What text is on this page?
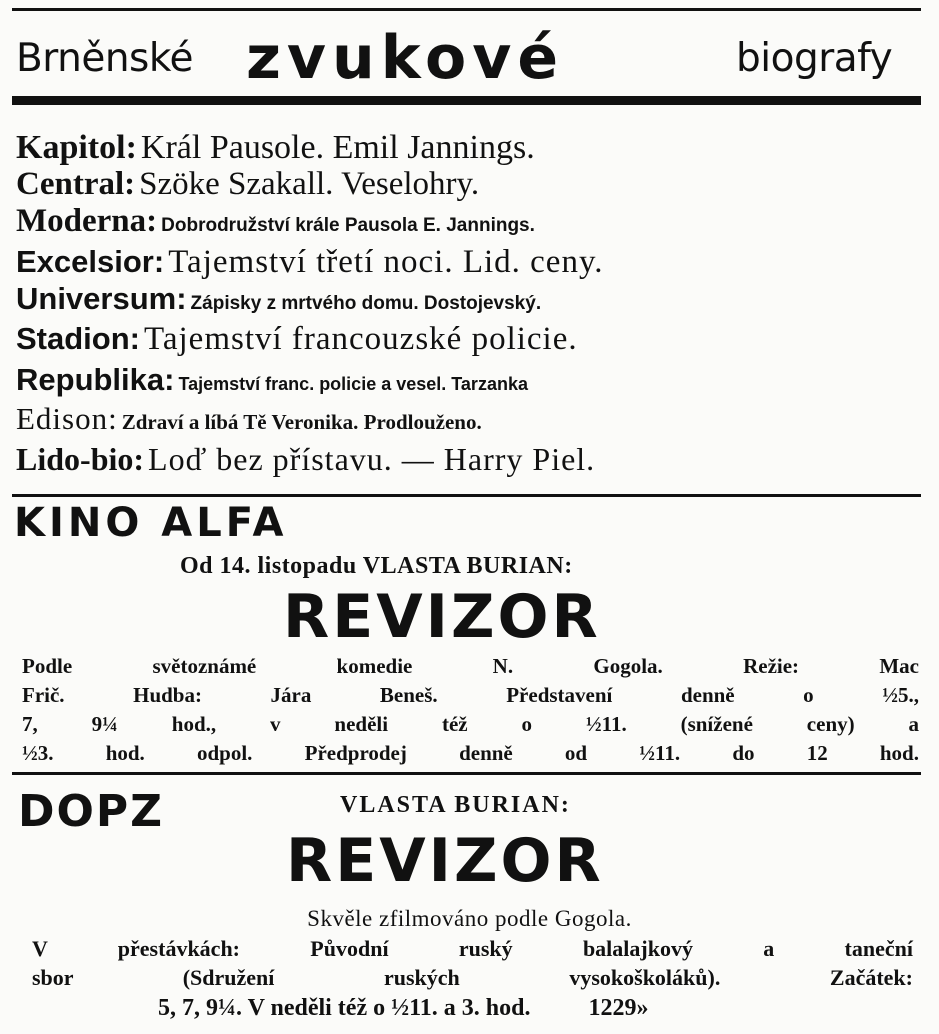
Brněnské zvukové	biografy
Kapitol: Král Pausole. Emil Jannings.
Central: Szöke Szakall. Veselohry.
Moderna: Dobrodružství krále Pausola E. Jannings.
Excelsior: Tajemství třetí noci. Lid. ceny.
Universum: Zápisky z mrtvého domu. Dostojevský.
Stadion: Tajemství francouzské policie.
Republika: Tajemství franc. policie a vesel. Tarzanka
Edison: Zdraví a líbá Tě Veronika. Prodlouženo.
Lido-bio: Loď bez přístavu. — Harry Piel.
KINO ALFA
Od 14. listopadu VLASTA BURIAN:
REVIZOR
Podle světoznámé komedie N. Gogola. Režie: Mac
Frič. Hudba: Jára Beneš. Představení denně o ½5.,
7, 9¼ hod., v neděli též o ½11. (snížené ceny) a
½3. hod. odpol. Předprodej denně od ½11. do 12 hod.
DOPZ	VLASTA BURIAN:
REVIZOR
Skvěle zfilmováno podle Gogola.
V přestávkách: Původní ruský balalajkový a taneční
sbor (Sdružení ruských vysokoškoláků). Začátek:
5, 7, 9¼. V neděli též o ½11. a 3. hod. 1229»
